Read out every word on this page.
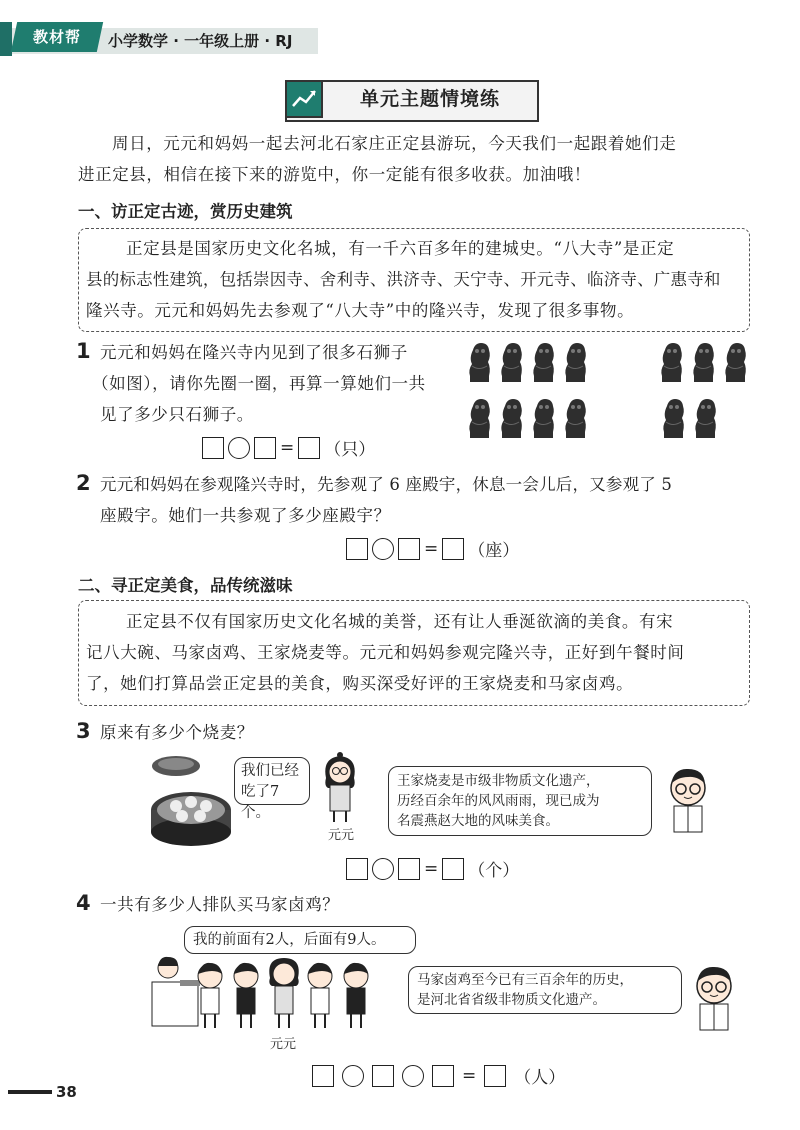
教材帮	小学数学 · 一年级上册 · RJ
单元主题情境练
周日，元元和妈妈一起去河北石家庄正定县游玩，今天我们一起跟着她们走
进正定县，相信在接下来的游览中，你一定能有很多收获。加油哦！
一、访正定古迹，赏历史建筑
正定县是国家历史文化名城，有一千六百多年的建城史。“八大寺”是正定
县的标志性建筑，包括崇因寺、舍利寺、洪济寺、天宁寺、开元寺、临济寺、广惠寺和
隆兴寺。元元和妈妈先去参观了“八大寺”中的隆兴寺，发现了很多事物。
1 元元和妈妈在隆兴寺内见到了很多石狮子
（如图），请你先圈一圈，再算一算她们一共
见了多少只石狮子。
= （只）
2 元元和妈妈在参观隆兴寺时，先参观了 6 座殿宇，休息一会儿后，又参观了 5
座殿宇。她们一共参观了多少座殿宇？
= （座）
二、寻正定美食，品传统滋味
正定县不仅有国家历史文化名城的美誉，还有让人垂涎欲滴的美食。有宋
记八大碗、马家卤鸡、王家烧麦等。元元和妈妈参观完隆兴寺，正好到午餐时间
了，她们打算品尝正定县的美食，购买深受好评的王家烧麦和马家卤鸡。
3 原来有多少个烧麦？
我们已经
吃了7个。
元元
王家烧麦是市级非物质文化遗产，
历经百余年的风风雨雨，现已成为
名震燕赵大地的风味美食。
= （个）
4 一共有多少人排队买马家卤鸡？
我的前面有2人，后面有9人。
元元
马家卤鸡至今已有三百余年的历史，
是河北省省级非物质文化遗产。
= （人）
38
